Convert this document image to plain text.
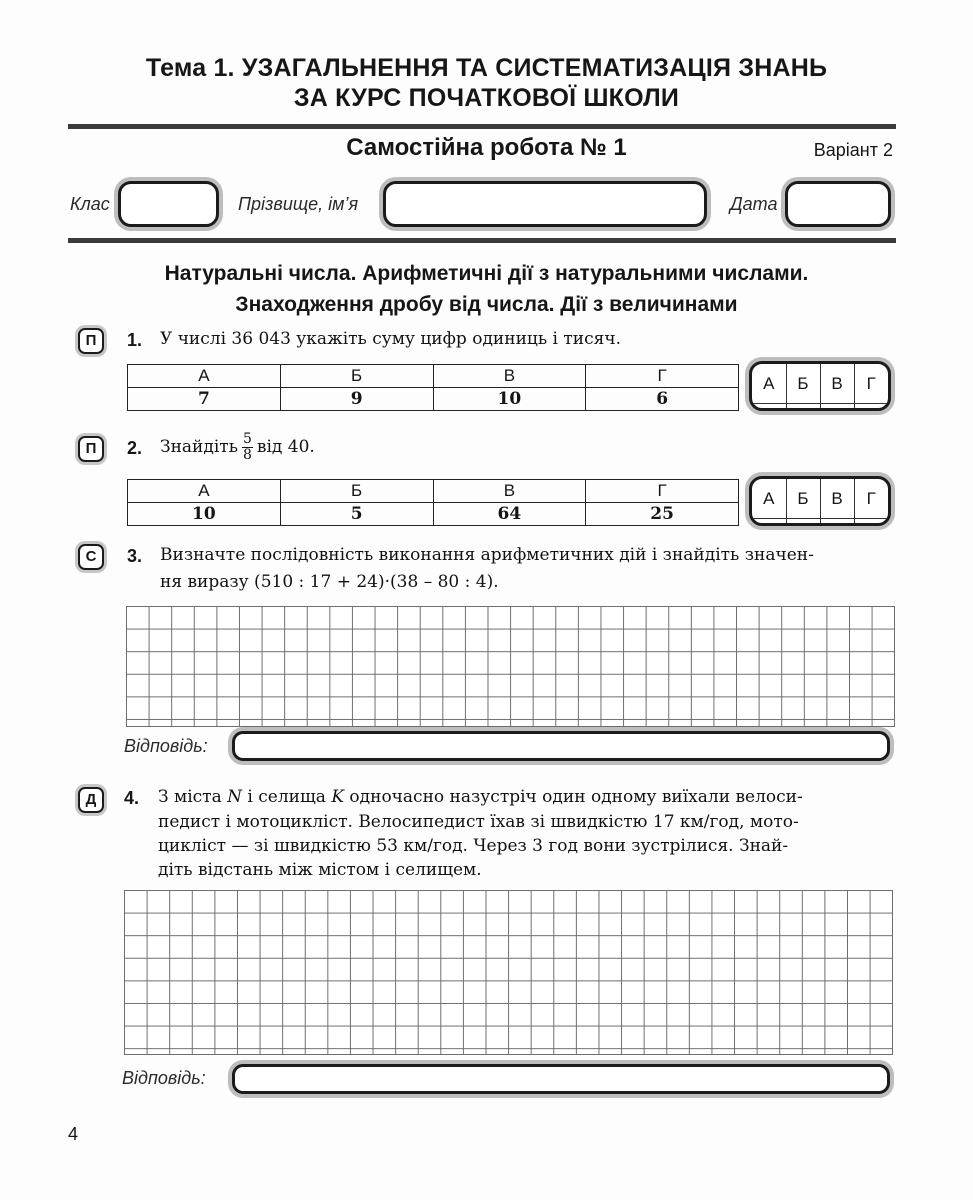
Тема 1. УЗАГАЛЬНЕННЯ ТА СИСТЕМАТИЗАЦІЯ ЗНАНЬ
ЗА КУРС ПОЧАТКОВОЇ ШКОЛИ
Самостійна робота № 1	Варіант 2
Клас	Прізвище, ім’я	Дата
Натуральні числа. Арифметичні дії з натуральними числами.
Знаходження дробу від числа. Дії з величинами
П	1. У числі 36 043 укажіть суму цифр одиниць і тисяч.
А	Б	В	Г
7	9	10	6
А	Б	В	Г

П	2. Знайдіть $\frac{5}{8}$ від 40.
А	Б	В	Г
10	5	64	25
А	Б	В	Г

С	3. Визначте послідовність виконання арифметичних дій і знайдіть значен-
ня виразу (510 : 17 + 24)·(38 – 80 : 4).
Відповідь:
Д	4. З міста N і селища K одночасно назустріч один одному виїхали велоси-
педист і мотоцикліст. Велосипедист їхав зі швидкістю 17 км/год, мото-
цикліст — зі швидкістю 53 км/год. Через 3 год вони зустрілися. Знай-
діть відстань між містом і селищем.
Відповідь:
4
